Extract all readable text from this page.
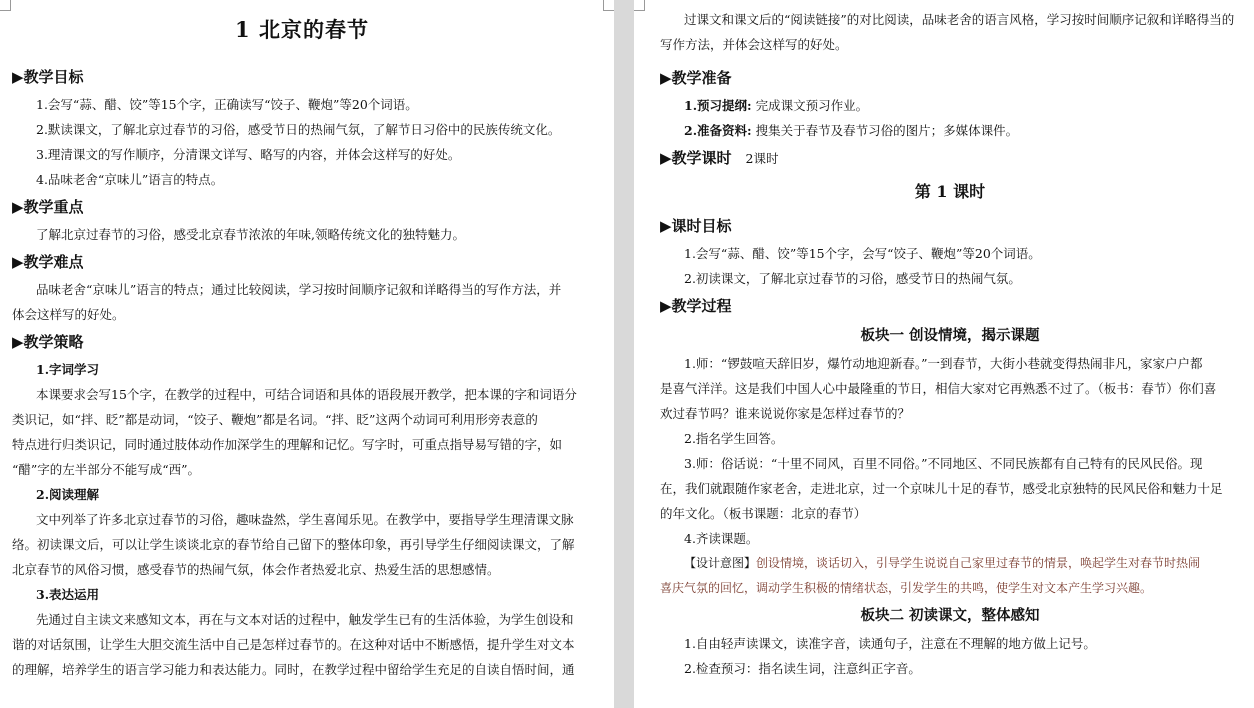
1 北京的春节
▶教学目标
1.会写“蒜、醋、饺”等15个字，正确读写“饺子、鞭炮”等20个词语。
2.默读课文，了解北京过春节的习俗，感受节日的热闹气氛，了解节日习俗中的民族传统文化。
3.理清课文的写作顺序，分清课文详写、略写的内容，并体会这样写的好处。
4.品味老舍“京味儿”语言的特点。
▶教学重点
了解北京过春节的习俗，感受北京春节浓浓的年味,领略传统文化的独特魅力。
▶教学难点
品味老舍“京味儿”语言的特点；通过比较阅读，学习按时间顺序记叙和详略得当的写作方法，并
体会这样写的好处。
▶教学策略
1.字词学习
本课要求会写15个字，在教学的过程中，可结合词语和具体的语段展开教学，把本课的字和词语分
类识记，如“拌、眨”都是动词，“饺子、鞭炮”都是名词。“拌、眨”这两个动词可利用形旁表意的
特点进行归类识记，同时通过肢体动作加深学生的理解和记忆。写字时，可重点指导易写错的字，如
“醋”字的左半部分不能写成“西”。
2.阅读理解
文中列举了许多北京过春节的习俗，趣味盎然，学生喜闻乐见。在教学中，要指导学生理清课文脉
络。初读课文后，可以让学生谈谈北京的春节给自己留下的整体印象，再引导学生仔细阅读课文，了解
北京春节的风俗习惯，感受春节的热闹气氛，体会作者热爱北京、热爱生活的思想感情。
3.表达运用
先通过自主读文来感知文本，再在与文本对话的过程中，触发学生已有的生活体验，为学生创设和
谐的对话氛围，让学生大胆交流生活中自己是怎样过春节的。在这种对话中不断感悟，提升学生对文本
的理解，培养学生的语言学习能力和表达能力。同时，在教学过程中留给学生充足的自读自悟时间，通
过课文和课文后的“阅读链接”的对比阅读，品味老舍的语言风格，学习按时间顺序记叙和详略得当的
写作方法，并体会这样写的好处。
▶教学准备
1.预习提纲: 完成课文预习作业。
2.准备资料: 搜集关于春节及春节习俗的图片；多媒体课件。
▶教学课时 2课时
第 1 课时
▶课时目标
1.会写“蒜、醋、饺”等15个字，会写“饺子、鞭炮”等20个词语。
2.初读课文，了解北京过春节的习俗，感受节日的热闹气氛。
▶教学过程
板块一 创设情境，揭示课题
1.师：“锣鼓喧天辞旧岁，爆竹动地迎新春。”一到春节，大街小巷就变得热闹非凡，家家户户都
是喜气洋洋。这是我们中国人心中最隆重的节日，相信大家对它再熟悉不过了。（板书：春节）你们喜
欢过春节吗？谁来说说你家是怎样过春节的？
2.指名学生回答。
3.师：俗话说：“十里不同风，百里不同俗。”不同地区、不同民族都有自己特有的民风民俗。现
在，我们就跟随作家老舍，走进北京，过一个京味儿十足的春节，感受北京独特的民风民俗和魅力十足
的年文化。（板书课题：北京的春节）
4.齐读课题。
【设计意图】创设情境，谈话切入，引导学生说说自己家里过春节的情景，唤起学生对春节时热闹
喜庆气氛的回忆，调动学生积极的情绪状态，引发学生的共鸣，使学生对文本产生学习兴趣。
板块二 初读课文，整体感知
1.自由轻声读课文，读准字音，读通句子，注意在不理解的地方做上记号。
2.检查预习：指名读生词，注意纠正字音。
